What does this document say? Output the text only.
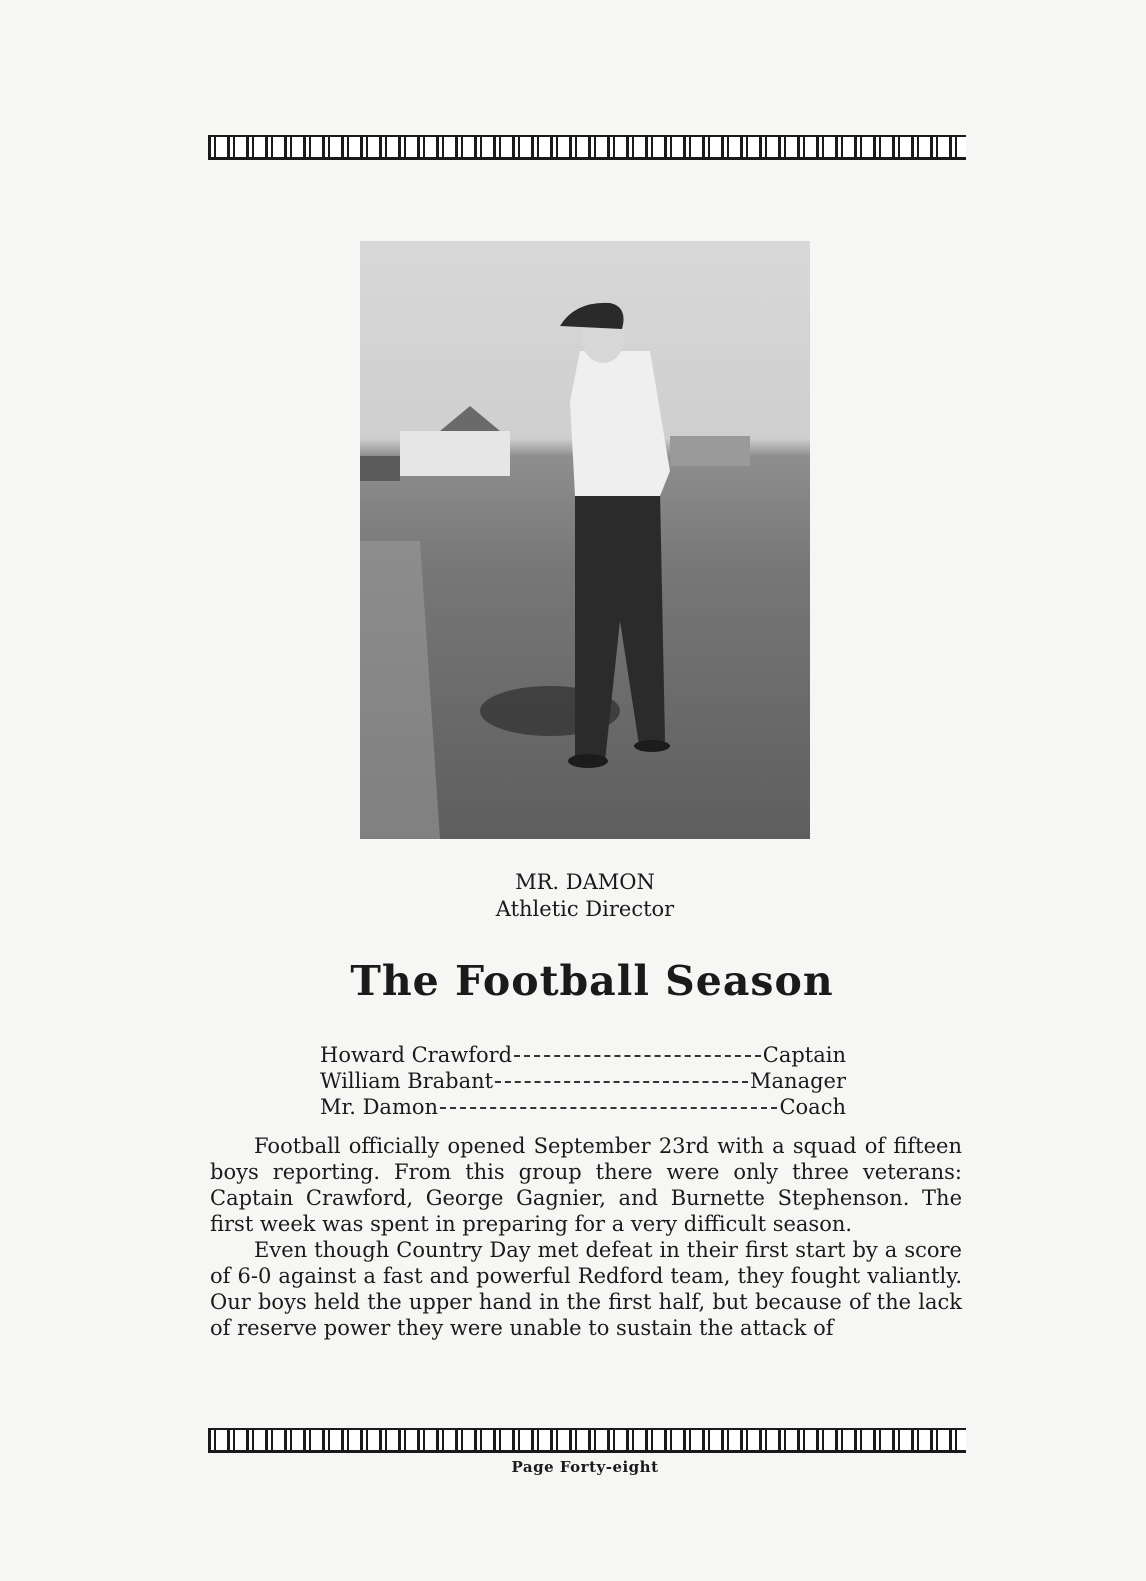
MR. DAMON
Athletic Director
The Football Season
Howard Crawford	Captain
William Brabant	Manager
Mr. Damon	Coach

Football officially opened September 23rd with a squad of fifteen boys reporting. From this group there were only three veterans: Captain Crawford, George Gagnier, and Burnette Stephenson. The first week was spent in preparing for a very difficult season.

Even though Country Day met defeat in their first start by a score of 6-0 against a fast and powerful Redford team, they fought valiantly. Our boys held the upper hand in the first half, but because of the lack of reserve power they were unable to sustain the attack of

Page Forty-eight
